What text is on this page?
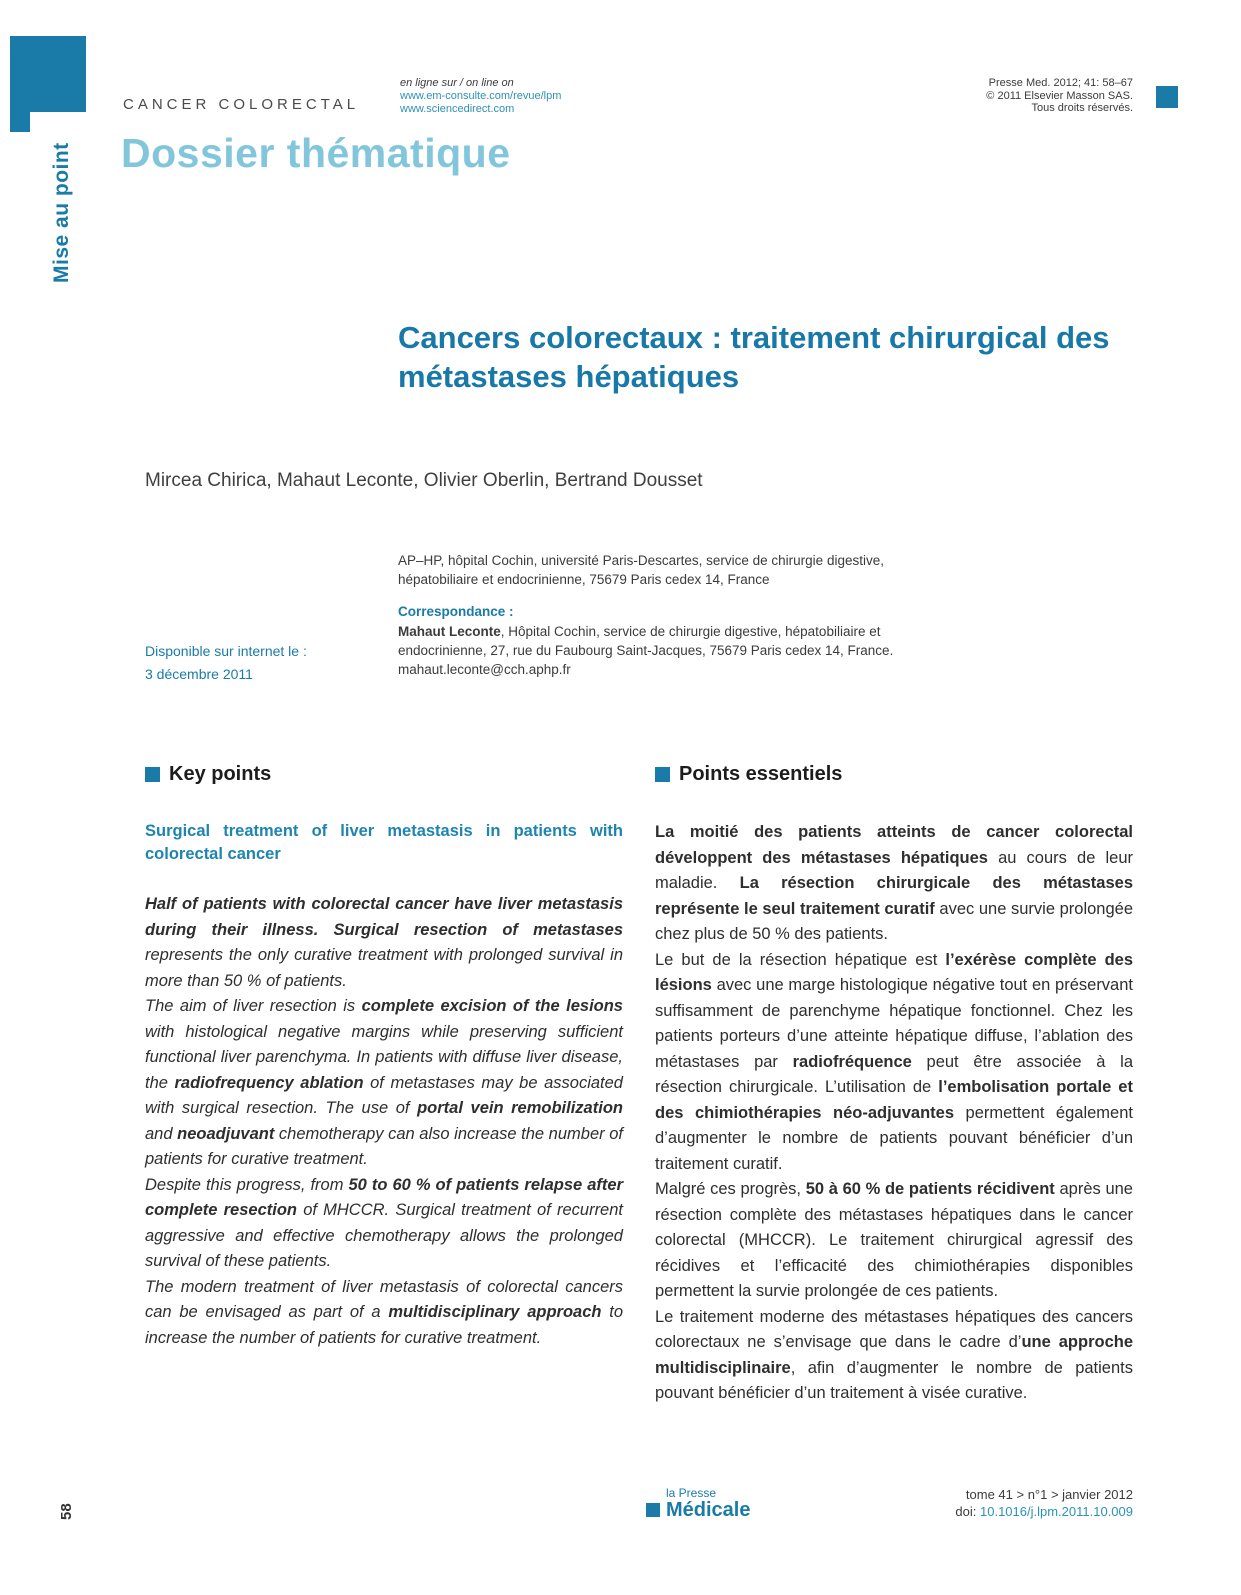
CANCER COLORECTAL
en ligne sur / on line on
www.em-consulte.com/revue/lpm
www.sciencedirect.com
Presse Med. 2012; 41: 58–67
© 2011 Elsevier Masson SAS.
Tous droits réservés.
Dossier thématique
Mise au point
Cancers colorectaux : traitement chirurgical des métastases hépatiques
Mircea Chirica, Mahaut Leconte, Olivier Oberlin, Bertrand Dousset
AP–HP, hôpital Cochin, université Paris-Descartes, service de chirurgie digestive, hépatobiliaire et endocrinienne, 75679 Paris cedex 14, France
Correspondance :
Mahaut Leconte, Hôpital Cochin, service de chirurgie digestive, hépatobiliaire et endocrinienne, 27, rue du Faubourg Saint-Jacques, 75679 Paris cedex 14, France.
mahaut.leconte@cch.aphp.fr
Disponible sur internet le :
3 décembre 2011
Key points
Surgical treatment of liver metastasis in patients with colorectal cancer

Half of patients with colorectal cancer have liver metastasis during their illness. Surgical resection of metastases represents the only curative treatment with prolonged survival in more than 50 % of patients.

The aim of liver resection is complete excision of the lesions with histological negative margins while preserving sufficient functional liver parenchyma. In patients with diffuse liver disease, the radiofrequency ablation of metastases may be associated with surgical resection. The use of portal vein remobilization and neoadjuvant chemotherapy can also increase the number of patients for curative treatment.

Despite this progress, from 50 to 60 % of patients relapse after complete resection of MHCCR. Surgical treatment of recurrent aggressive and effective chemotherapy allows the prolonged survival of these patients.

The modern treatment of liver metastasis of colorectal cancers can be envisaged as part of a multidisciplinary approach to increase the number of patients for curative treatment.

Points essentiels

La moitié des patients atteints de cancer colorectal développent des métastases hépatiques au cours de leur maladie. La résection chirurgicale des métastases représente le seul traitement curatif avec une survie prolongée chez plus de 50 % des patients.

Le but de la résection hépatique est l’exérèse complète des lésions avec une marge histologique négative tout en préservant suffisamment de parenchyme hépatique fonctionnel. Chez les patients porteurs d’une atteinte hépatique diffuse, l’ablation des métastases par radiofréquence peut être associée à la résection chirurgicale. L’utilisation de l’embolisation portale et des chimiothérapies néo-adjuvantes permettent également d’augmenter le nombre de patients pouvant bénéficier d’un traitement curatif.

Malgré ces progrès, 50 à 60 % de patients récidivent après une résection complète des métastases hépatiques dans le cancer colorectal (MHCCR). Le traitement chirurgical agressif des récidives et l’efficacité des chimiothérapies disponibles permettent la survie prolongée de ces patients.

Le traitement moderne des métastases hépatiques des cancers colorectaux ne s’envisage que dans le cadre d’une approche multidisciplinaire, afin d’augmenter le nombre de patients pouvant bénéficier d’un traitement à visée curative.

58
la Presse
Médicale
tome 41 > n°1 > janvier 2012
doi: 10.1016/j.lpm.2011.10.009
